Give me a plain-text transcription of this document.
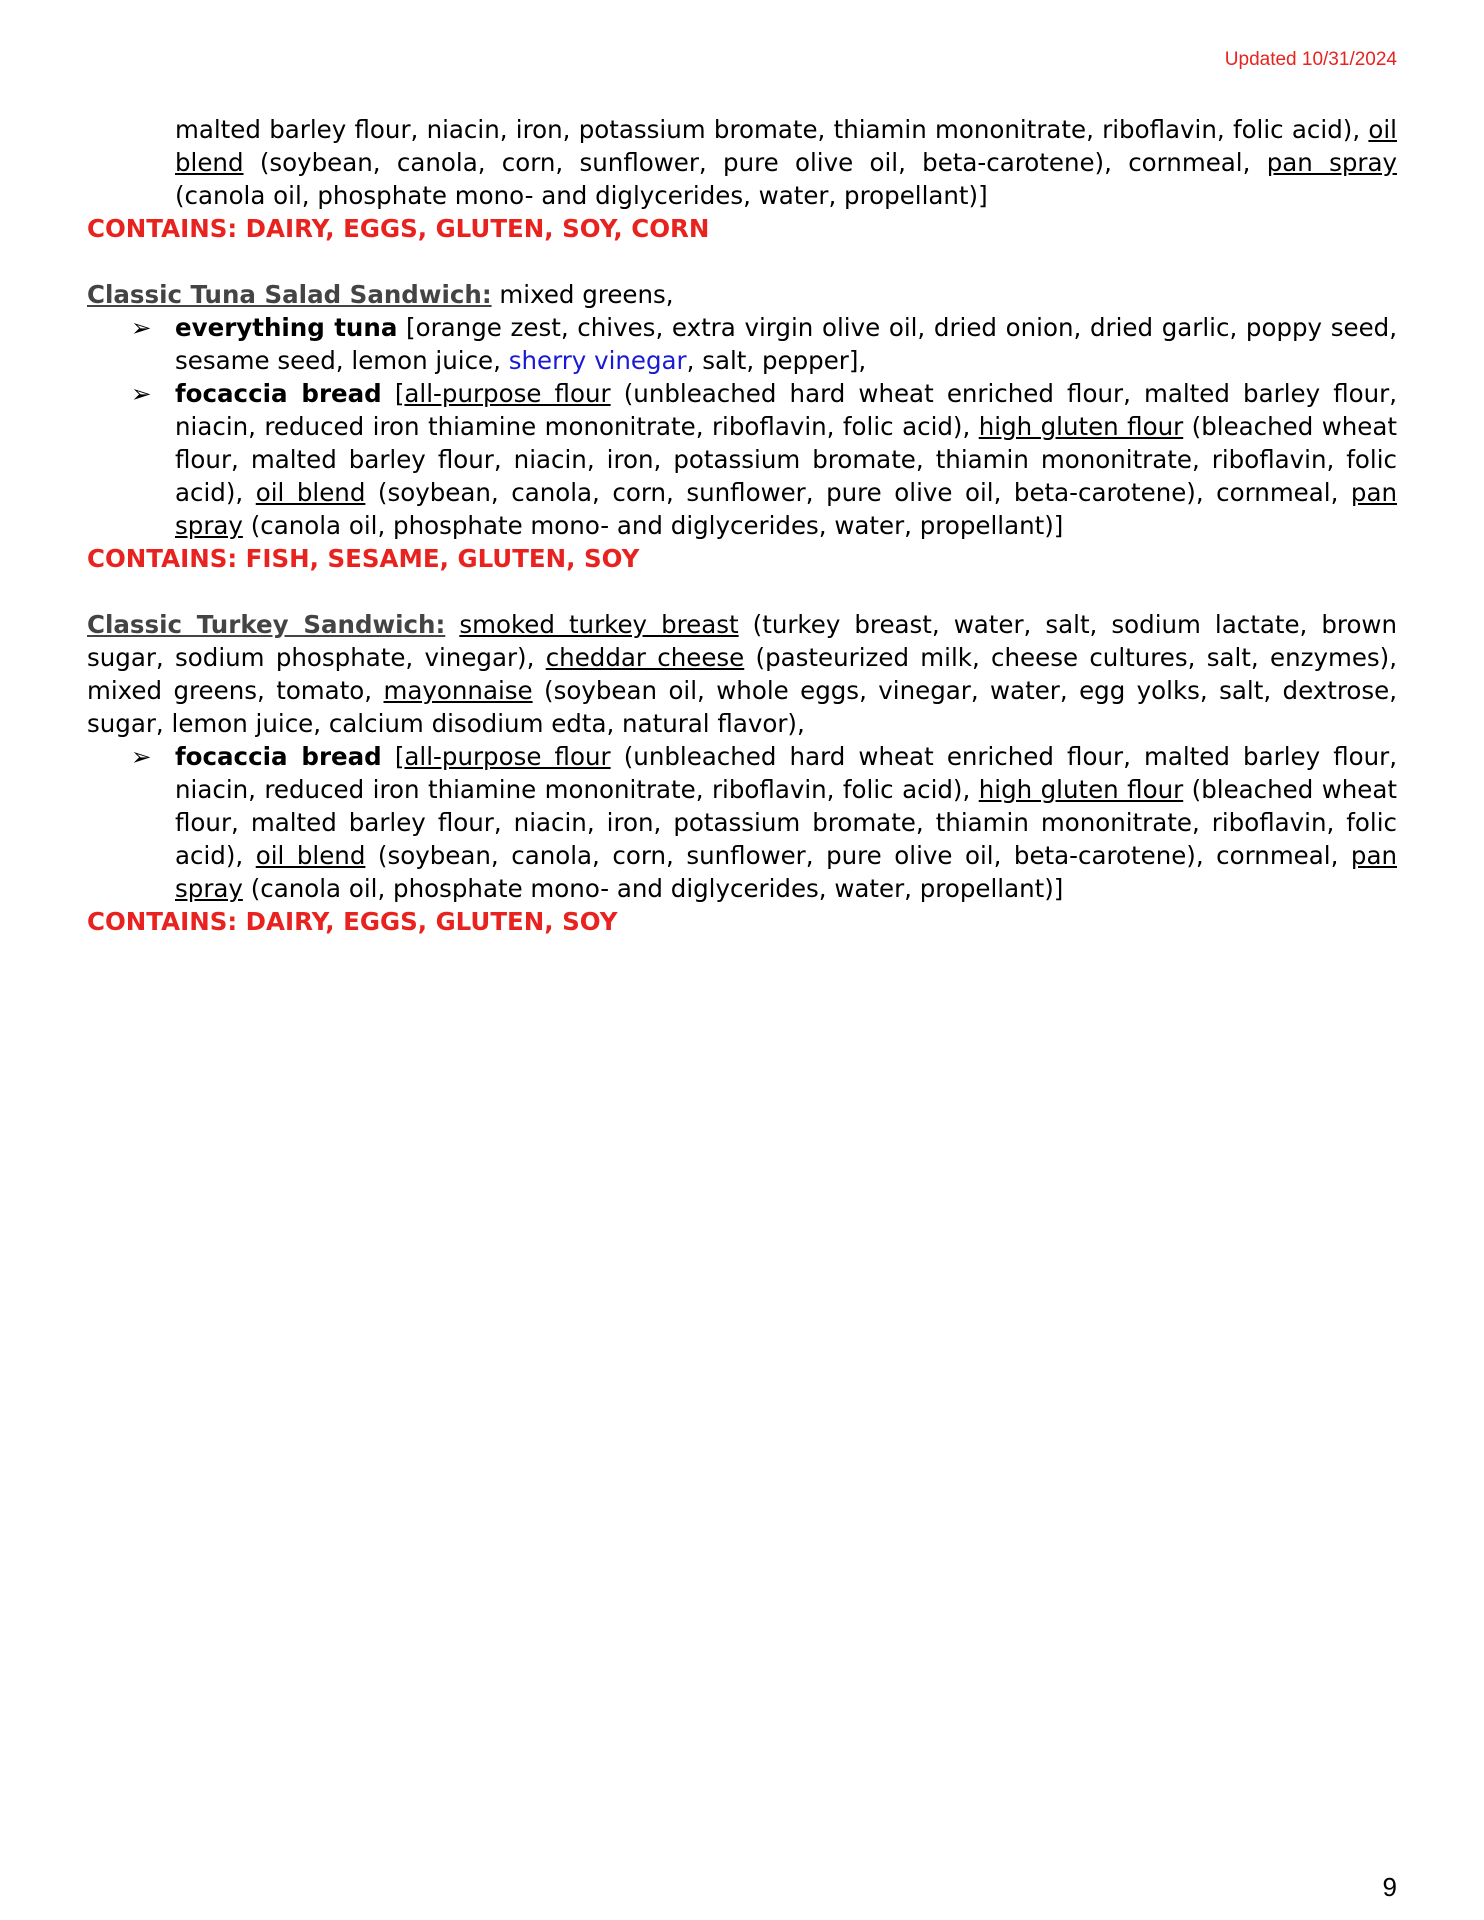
Updated 10/31/2024
malted barley flour, niacin, iron, potassium bromate, thiamin mononitrate, riboflavin, folic acid), oil blend (soybean, canola, corn, sunflower, pure olive oil, beta-carotene), cornmeal, pan spray (canola oil, phosphate mono- and diglycerides, water, propellant)]
CONTAINS: DAIRY, EGGS, GLUTEN, SOY, CORN
Classic Tuna Salad Sandwich: mixed greens,
➢ everything tuna [orange zest, chives, extra virgin olive oil, dried onion, dried garlic, poppy seed, sesame seed, lemon juice, sherry vinegar, salt, pepper],
➢ focaccia bread [all-purpose flour (unbleached hard wheat enriched flour, malted barley flour, niacin, reduced iron thiamine mononitrate, riboflavin, folic acid), high gluten flour (bleached wheat flour, malted barley flour, niacin, iron, potassium bromate, thiamin mononitrate, riboflavin, folic acid), oil blend (soybean, canola, corn, sunflower, pure olive oil, beta-carotene), cornmeal, pan spray (canola oil, phosphate mono- and diglycerides, water, propellant)]
CONTAINS: FISH, SESAME, GLUTEN, SOY
Classic Turkey Sandwich: smoked turkey breast (turkey breast, water, salt, sodium lactate, brown sugar, sodium phosphate, vinegar), cheddar cheese (pasteurized milk, cheese cultures, salt, enzymes), mixed greens, tomato, mayonnaise (soybean oil, whole eggs, vinegar, water, egg yolks, salt, dextrose, sugar, lemon juice, calcium disodium edta, natural flavor),
➢ focaccia bread [all-purpose flour (unbleached hard wheat enriched flour, malted barley flour, niacin, reduced iron thiamine mononitrate, riboflavin, folic acid), high gluten flour (bleached wheat flour, malted barley flour, niacin, iron, potassium bromate, thiamin mononitrate, riboflavin, folic acid), oil blend (soybean, canola, corn, sunflower, pure olive oil, beta-carotene), cornmeal, pan spray (canola oil, phosphate mono- and diglycerides, water, propellant)]
CONTAINS: DAIRY, EGGS, GLUTEN, SOY
9
